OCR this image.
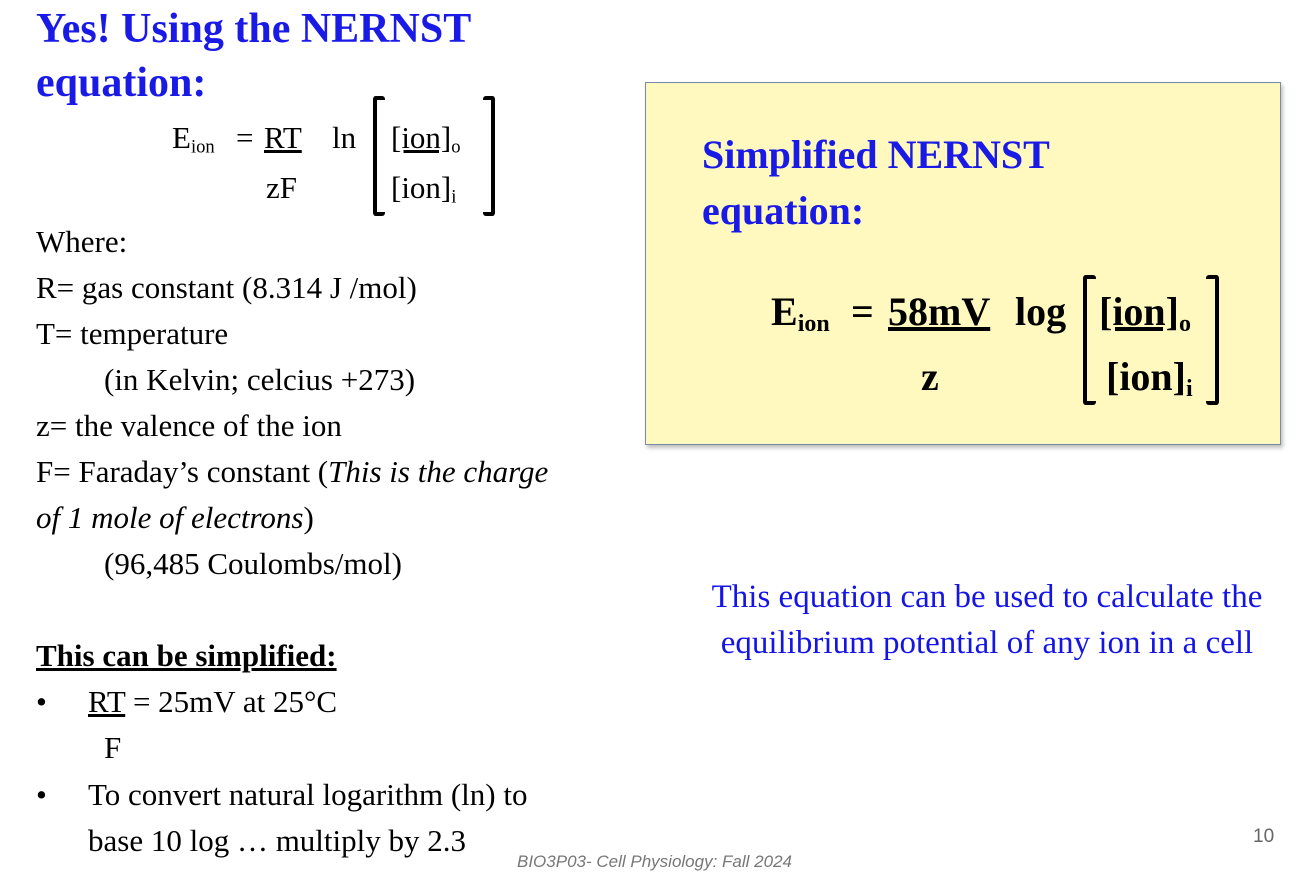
Yes! Using the NERNST
equation:
$E_{ion}$ = RT ln
zF
$[ion]_o$
$[ion]_i$
Where:
R= gas constant (8.314 J /mol)
T= temperature
(in Kelvin; celcius +273)
z= the valence of the ion
F= Faraday’s constant (This is the charge
of 1 mole of electrons)
(96,485 Coulombs/mol)
This can be simplified:
• RT = 25mV at 25°C
F
• To convert natural logarithm (ln) to
base 10 log … multiply by 2.3
Simplified NERNST
equation:
$E_{ion} = 58mV$ log
z
$[ion]_o$
$[ion]_i$
This equation can be used to calculate the equilibrium potential of any ion in a cell
BIO3P03- Cell Physiology: Fall 2024
10
